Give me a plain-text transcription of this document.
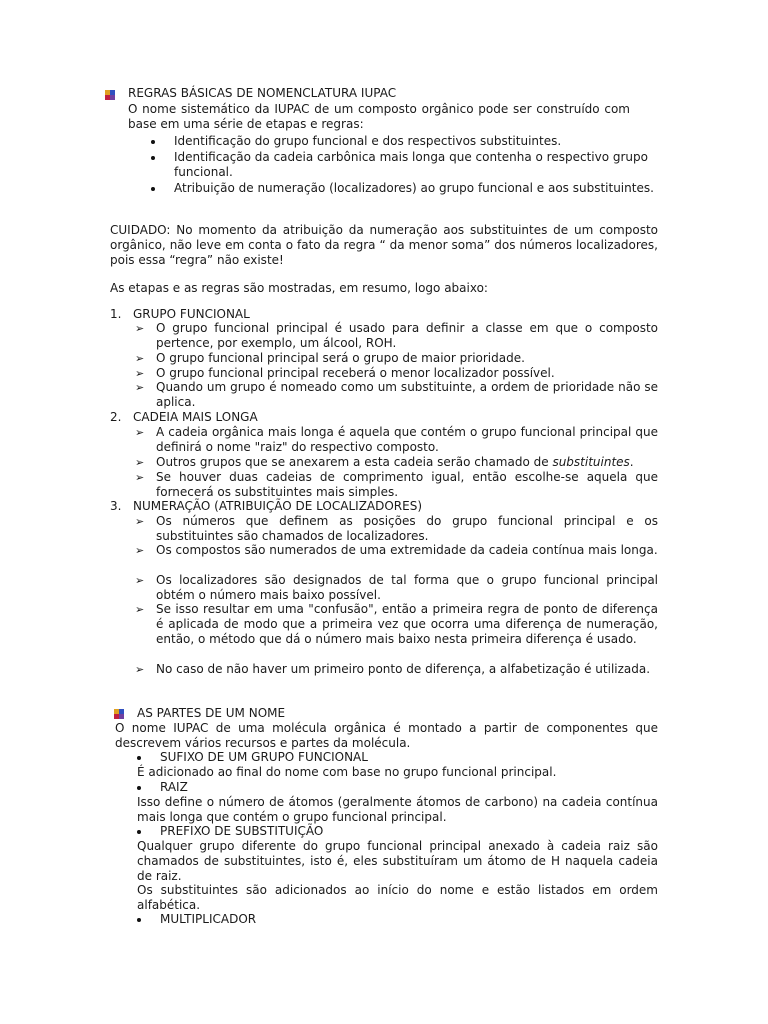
REGRAS BÁSICAS DE NOMENCLATURA IUPAC
O nome sistemático da IUPAC de um composto orgânico pode ser construído com base em uma série de etapas e regras:
Identificação do grupo funcional e dos respectivos substituintes.
Identificação da cadeia carbônica mais longa que contenha o respectivo grupo funcional.
Atribuição de numeração (localizadores) ao grupo funcional e aos substituintes.
CUIDADO: No momento da atribuição da numeração aos substituintes de um composto orgânico, não leve em conta o fato da regra “ da menor soma” dos números localizadores, pois essa “regra” não existe!
As etapas e as regras são mostradas, em resumo, logo abaixo:
1. GRUPO FUNCIONAL
➢ O grupo funcional principal é usado para definir a classe em que o composto pertence, por exemplo, um álcool, ROH.
➢ O grupo funcional principal será o grupo de maior prioridade.
➢ O grupo funcional principal receberá o menor localizador possível.
➢ Quando um grupo é nomeado como um substituinte, a ordem de prioridade não se aplica.
2. CADEIA MAIS LONGA
➢ A cadeia orgânica mais longa é aquela que contém o grupo funcional principal que definirá o nome "raiz" do respectivo composto.
➢ Outros grupos que se anexarem a esta cadeia serão chamado de substituintes.
➢ Se houver duas cadeias de comprimento igual, então escolhe-se aquela que fornecerá os substituintes mais simples.
3. NUMERAÇÃO (ATRIBUIÇÃO DE LOCALIZADORES)
➢ Os números que definem as posições do grupo funcional principal e os substituintes são chamados de localizadores.
➢ Os compostos são numerados de uma extremidade da cadeia contínua mais longa.
➢ Os localizadores são designados de tal forma que o grupo funcional principal obtém o número mais baixo possível.
➢ Se isso resultar em uma "confusão", então a primeira regra de ponto de diferença é aplicada de modo que a primeira vez que ocorra uma diferença de numeração, então, o método que dá o número mais baixo nesta primeira diferença é usado.
➢ No caso de não haver um primeiro ponto de diferença, a alfabetização é utilizada.
AS PARTES DE UM NOME
O nome IUPAC de uma molécula orgânica é montado a partir de componentes que descrevem vários recursos e partes da molécula.
SUFIXO DE UM GRUPO FUNCIONAL
É adicionado ao final do nome com base no grupo funcional principal.
RAIZ
Isso define o número de átomos (geralmente átomos de carbono) na cadeia contínua mais longa que contém o grupo funcional principal.
PREFIXO DE SUBSTITUIÇÃO
Qualquer grupo diferente do grupo funcional principal anexado à cadeia raiz são chamados de substituintes, isto é, eles substituíram um átomo de H naquela cadeia de raiz.
Os substituintes são adicionados ao início do nome e estão listados em ordem alfabética.
MULTIPLICADOR
